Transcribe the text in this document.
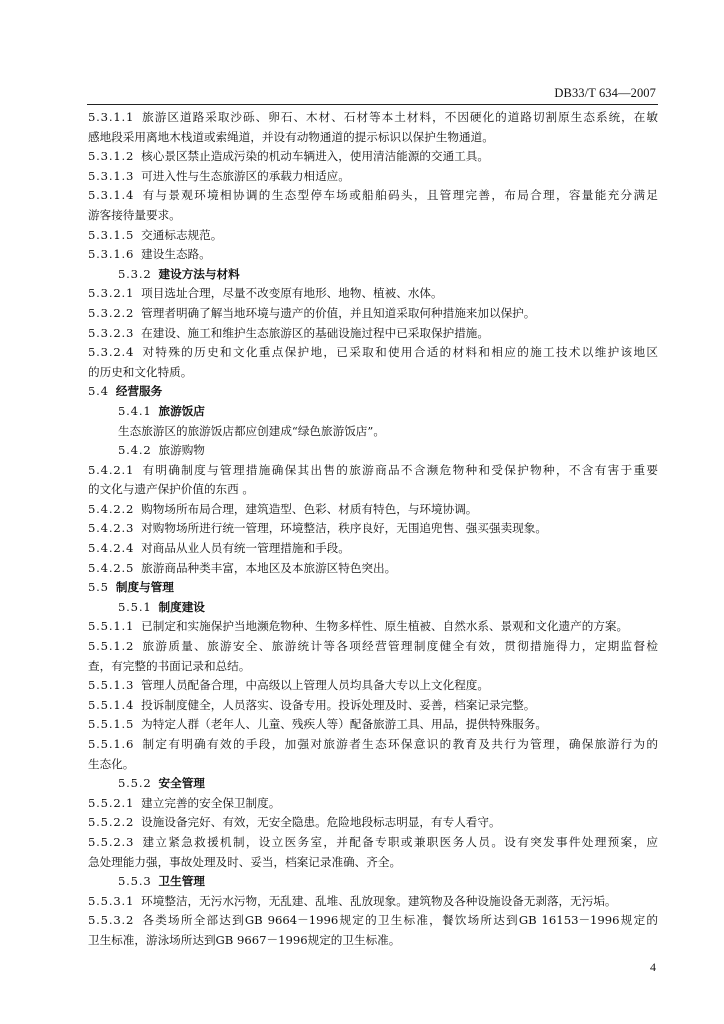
DB33/T 634—2007
5.3.1.1 旅游区道路采取沙砾、卵石、木材、石材等本土材料，不因硬化的道路切割原生态系统，在敏
感地段采用离地木栈道或索绳道，并设有动物通道的提示标识以保护生物通道。
5.3.1.2 核心景区禁止造成污染的机动车辆进入，使用清洁能源的交通工具。
5.3.1.3 可进入性与生态旅游区的承载力相适应。
5.3.1.4 有与景观环境相协调的生态型停车场或船舶码头，且管理完善，布局合理，容量能充分满足
游客接待量要求。
5.3.1.5 交通标志规范。
5.3.1.6 建设生态路。
5.3.2 建设方法与材料
5.3.2.1 项目选址合理，尽量不改变原有地形、地物、植被、水体。
5.3.2.2 管理者明确了解当地环境与遗产的价值，并且知道采取何种措施来加以保护。
5.3.2.3 在建设、施工和维护生态旅游区的基础设施过程中已采取保护措施。
5.3.2.4 对特殊的历史和文化重点保护地，已采取和使用合适的材料和相应的施工技术以维护该地区
的历史和文化特质。
5.4 经营服务
5.4.1 旅游饭店
生态旅游区的旅游饭店都应创建成“绿色旅游饭店”。
5.4.2 旅游购物
5.4.2.1 有明确制度与管理措施确保其出售的旅游商品不含濒危物种和受保护物种，不含有害于重要
的文化与遗产保护价值的东西 。
5.4.2.2 购物场所布局合理，建筑造型、色彩、材质有特色，与环境协调。
5.4.2.3 对购物场所进行统一管理，环境整洁，秩序良好，无围追兜售、强买强卖现象。
5.4.2.4 对商品从业人员有统一管理措施和手段。
5.4.2.5 旅游商品种类丰富，本地区及本旅游区特色突出。
5.5 制度与管理
5.5.1 制度建设
5.5.1.1 已制定和实施保护当地濒危物种、生物多样性、原生植被、自然水系、景观和文化遗产的方案。
5.5.1.2 旅游质量、旅游安全、旅游统计等各项经营管理制度健全有效，贯彻措施得力，定期监督检
查，有完整的书面记录和总结。
5.5.1.3 管理人员配备合理，中高级以上管理人员均具备大专以上文化程度。
5.5.1.4 投诉制度健全，人员落实、设备专用。投诉处理及时、妥善，档案记录完整。
5.5.1.5 为特定人群（老年人、儿童、残疾人等）配备旅游工具、用品，提供特殊服务。
5.5.1.6 制定有明确有效的手段，加强对旅游者生态环保意识的教育及共行为管理，确保旅游行为的
生态化。
5.5.2 安全管理
5.5.2.1 建立完善的安全保卫制度。
5.5.2.2 设施设备完好、有效，无安全隐患。危险地段标志明显，有专人看守。
5.5.2.3 建立紧急救援机制，设立医务室，并配备专职或兼职医务人员。设有突发事件处理预案，应
急处理能力强，事故处理及时、妥当，档案记录准确、齐全。
5.5.3 卫生管理
5.5.3.1 环境整洁，无污水污物，无乱建、乱堆、乱放现象。建筑物及各种设施设备无剥落，无污垢。
5.5.3.2 各类场所全部达到GB 9664－1996规定的卫生标准，餐饮场所达到GB 16153－1996规定的
卫生标准，游泳场所达到GB 9667－1996规定的卫生标准。
4
